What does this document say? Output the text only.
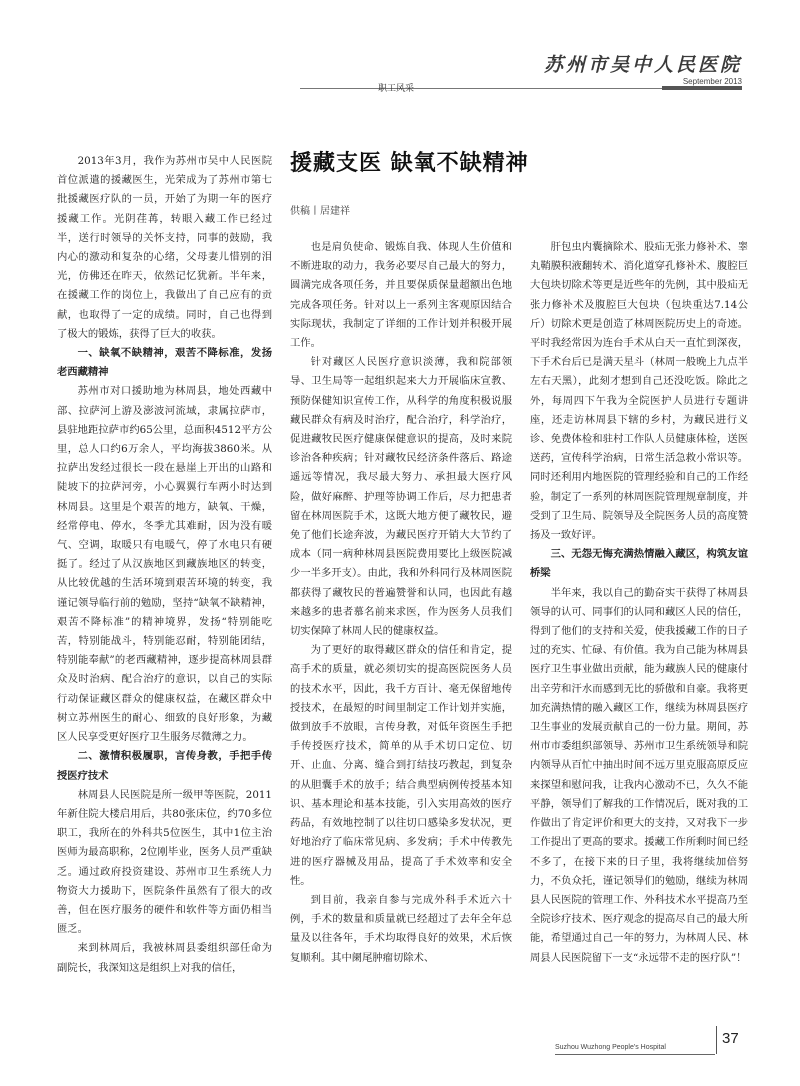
苏州市吴中人民医院
September 2013
职工风采

2013年3月，我作为苏州市吴中人民医院首位派遣的援藏医生，光荣成为了苏州市第七批援藏医疗队的一员，开始了为期一年的医疗援藏工作。光阴荏苒，转眼入藏工作已经过半，送行时领导的关怀支持，同事的鼓励，我内心的激动和复杂的心绪，父母妻儿惜别的泪光，仿佛还在昨天，依然记忆犹新。半年来，在援藏工作的岗位上，我做出了自己应有的贡献，也取得了一定的成绩。同时，自己也得到了极大的锻炼，获得了巨大的收获。

一、缺氧不缺精神，艰苦不降标准，发扬老西藏精神

苏州市对口援助地为林周县，地处西藏中部、拉萨河上游及澎波河流域，隶属拉萨市，县驻地距拉萨市约65公里，总面积4512平方公里，总人口约6万余人，平均海拔3860米。从拉萨出发经过很长一段在悬崖上开出的山路和陡坡下的拉萨河旁，小心翼翼行车两小时达到林周县。这里是个艰苦的地方，缺氧、干燥，经常停电、停水，冬季尤其难耐，因为没有暖气、空调，取暖只有电暖气，停了水电只有硬挺了。经过了从汉族地区到藏族地区的转变，从比较优越的生活环境到艰苦环境的转变，我谨记领导临行前的勉励，坚持“缺氧不缺精神，艰苦不降标准”的精神境界，发扬“特别能吃苦，特别能战斗，特别能忍耐，特别能团结，特别能奉献”的老西藏精神，逐步提高林周县群众及时治病、配合治疗的意识，以自己的实际行动保证藏区群众的健康权益，在藏区群众中树立苏州医生的耐心、细致的良好形象，为藏区人民享受更好医疗卫生服务尽微薄之力。

二、激情积极履职，言传身教，手把手传授医疗技术

林周县人民医院是所一级甲等医院，2011年新住院大楼启用后，共80张床位，约70多位职工，我所在的外科共5位医生，其中1位主治医师为最高职称，2位刚毕业，医务人员严重缺乏。通过政府投资建设、苏州市卫生系统人力物资大力援助下，医院条件虽然有了很大的改善，但在医疗服务的硬件和软件等方面仍相当匮乏。

来到林周后，我被林周县委组织部任命为副院长，我深知这是组织上对我的信任，

援藏支医 缺氧不缺精神
供稿丨居建祥

也是肩负使命、锻炼自我、体现人生价值和不断进取的动力，我务必要尽自己最大的努力，圆满完成各项任务，并且要保质保量超额出色地完成各项任务。针对以上一系列主客观原因结合实际现状，我制定了详细的工作计划并积极开展工作。

针对藏区人民医疗意识淡薄，我和院部领导、卫生局等一起组织起来大力开展临床宣教、预防保健知识宣传工作，从科学的角度积极说服藏民群众有病及时治疗，配合治疗，科学治疗，促进藏牧民医疗健康保健意识的提高，及时来院诊治各种疾病；针对藏牧民经济条件落后、路途遥远等情况，我尽最大努力、承担最大医疗风险，做好麻醉、护理等协调工作后，尽力把患者留在林周医院手术，这既大地方便了藏牧民，避免了他们长途奔波，为藏民医疗开销大大节约了成本（同一病种林周县医院费用要比上级医院减少一半多开支）。由此，我和外科同行及林周医院都获得了藏牧民的普遍赞誉和认同，也因此有越来越多的患者慕名前来求医，作为医务人员我们切实保障了林周人民的健康权益。

为了更好的取得藏区群众的信任和肯定，提高手术的质量，就必须切实的提高医院医务人员的技术水平，因此，我千方百计、毫无保留地传授技术，在最短的时间里制定工作计划并实施，做到放手不放眼，言传身教，对低年资医生手把手传授医疗技术，简单的从手术切口定位、切开、止血、分离、缝合到打结技巧教起，到复杂的从胆囊手术的放手；结合典型病例传授基本知识、基本理论和基本技能，引入实用高效的医疗药品，有效地控制了以往切口感染多发状况，更好地治疗了临床常见病、多发病；手术中传教先进的医疗器械及用品，提高了手术效率和安全性。

到目前，我亲自参与完成外科手术近六十例，手术的数量和质量就已经超过了去年全年总量及以往各年，手术均取得良好的效果，术后恢复顺利。其中阑尾肿瘤切除术、

肝包虫内囊摘除术、股疝无张力修补术、睾丸鞘膜积液翻转术、消化道穿孔修补术、腹腔巨大包块切除术等更是近些年的先例，其中股疝无张力修补术及腹腔巨大包块（包块重达7.14公斤）切除术更是创造了林周医院历史上的奇迹。平时我经常因为连台手术从白天一直忙到深夜，下手术台后已是满天星斗（林周一般晚上九点半左右天黑），此刻才想到自己还没吃饭。除此之外，每周四下午我为全院医护人员进行专题讲座，还走访林周县下辖的乡村，为藏民进行义诊、免费体检和驻村工作队人员健康体检，送医送药，宣传科学治病，日常生活急救小常识等。同时还利用内地医院的管理经验和自己的工作经验，制定了一系列的林周医院管理规章制度，并受到了卫生局、院领导及全院医务人员的高度赞扬及一致好评。

三、无怨无悔充满热情融入藏区，构筑友谊桥梁

半年来，我以自己的勤奋实干获得了林周县领导的认可、同事们的认同和藏区人民的信任，得到了他们的支持和关爱，使我援藏工作的日子过的充实、忙碌、有价值。我为自己能为林周县医疗卫生事业做出贡献，能为藏族人民的健康付出辛劳和汗水而感到无比的骄傲和自豪。我将更加充满热情的融入藏区工作，继续为林周县医疗卫生事业的发展贡献自己的一份力量。期间，苏州市市委组织部领导、苏州市卫生系统领导和院内领导从百忙中抽出时间不远万里克服高原反应来探望和慰问我，让我内心激动不已，久久不能平静，领导们了解我的工作情况后，既对我的工作做出了肯定评价和更大的支持，又对我下一步工作提出了更高的要求。援藏工作所剩时间已经不多了，在接下来的日子里，我将继续加倍努力，不负众托，谨记领导们的勉励，继续为林周县人民医院的管理工作、外科技术水平提高乃至全院诊疗技术、医疗观念的提高尽自己的最大所能，希望通过自己一年的努力，为林周人民、林周县人民医院留下一支“永远带不走的医疗队”！

Suzhou Wuzhong People's Hospital
37
